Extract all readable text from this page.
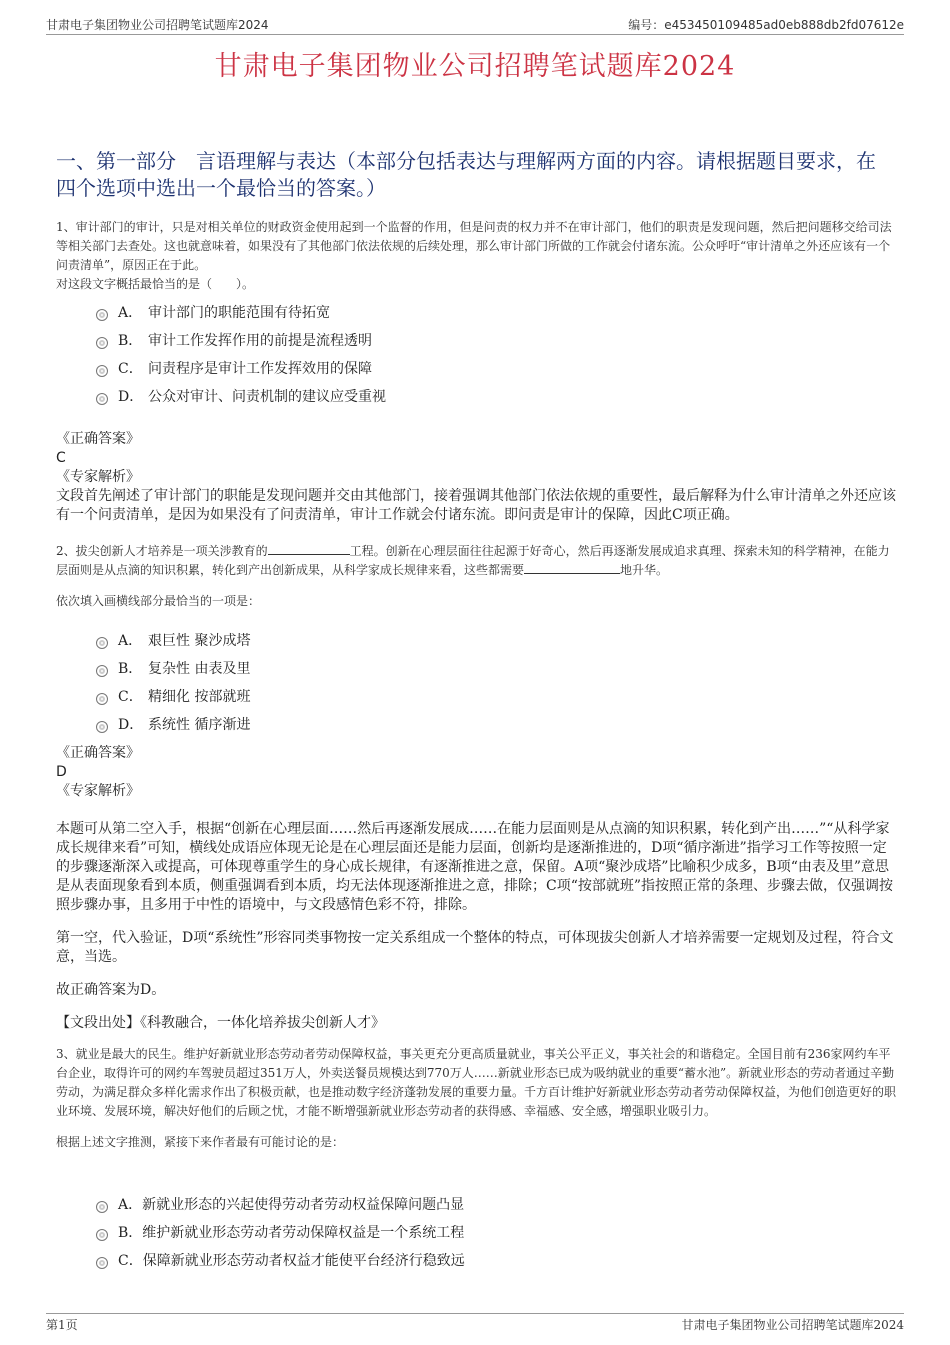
甘肃电子集团物业公司招聘笔试题库2024	编号：e453450109485ad0eb888db2fd07612e
甘肃电子集团物业公司招聘笔试题库2024
一、第一部分　言语理解与表达（本部分包括表达与理解两方面的内容。请根据题目要求，在四个选项中选出一个最恰当的答案。）

1、审计部门的审计，只是对相关单位的财政资金使用起到一个监督的作用，但是问责的权力并不在审计部门，他们的职责是发现问题，然后把问题移交给司法等相关部门去查处。这也就意味着，如果没有了其他部门依法依规的后续处理，那么审计部门所做的工作就会付诸东流。公众呼吁“审计清单之外还应该有一个问责清单”，原因正在于此。

对这段文字概括最恰当的是（　　）。

A． 审计部门的职能范围有待拓宽
B． 审计工作发挥作用的前提是流程透明
C． 问责程序是审计工作发挥效用的保障
D． 公众对审计、问责机制的建议应受重视
《正确答案》
C
《专家解析》

文段首先阐述了审计部门的职能是发现问题并交由其他部门，接着强调其他部门依法依规的重要性，最后解释为什么审计清单之外还应该有一个问责清单，是因为如果没有了问责清单，审计工作就会付诸东流。即问责是审计的保障，因此C项正确。

2、拔尖创新人才培养是一项关涉教育的	工程。创新在心理层面往往起源于好奇心，然后再逐渐发展成追求真理、探索未知的科学精神，在能力层面则是从点滴的知识积累，转化到产出创新成果，从科学家成长规律来看，这些都需要	地升华。

依次填入画横线部分最恰当的一项是：

A． 艰巨性 聚沙成塔
B． 复杂性 由表及里
C． 精细化 按部就班
D． 系统性 循序渐进
《正确答案》
D
《专家解析》

本题可从第二空入手，根据“创新在心理层面……然后再逐渐发展成……在能力层面则是从点滴的知识积累，转化到产出……”“从科学家成长规律来看”可知，横线处成语应体现无论是在心理层面还是能力层面，创新均是逐渐推进的，D项“循序渐进”指学习工作等按照一定的步骤逐渐深入或提高，可体现尊重学生的身心成长规律，有逐渐推进之意，保留。A项“聚沙成塔”比喻积少成多，B项“由表及里”意思是从表面现象看到本质，侧重强调看到本质，均无法体现逐渐推进之意，排除；C项“按部就班”指按照正常的条理、步骤去做，仅强调按照步骤办事，且多用于中性的语境中，与文段感情色彩不符，排除。

第一空，代入验证，D项“系统性”形容同类事物按一定关系组成一个整体的特点，可体现拔尖创新人才培养需要一定规划及过程，符合文意，当选。

故正确答案为D。

【文段出处】《科教融合，一体化培养拔尖创新人才》

3、就业是最大的民生。维护好新就业形态劳动者劳动保障权益，事关更充分更高质量就业，事关公平正义，事关社会的和谐稳定。全国目前有236家网约车平台企业，取得许可的网约车驾驶员超过351万人，外卖送餐员规模达到770万人……新就业形态已成为吸纳就业的重要“蓄水池”。新就业形态的劳动者通过辛勤劳动，为满足群众多样化需求作出了积极贡献，也是推动数字经济蓬勃发展的重要力量。千方百计维护好新就业形态劳动者劳动保障权益，为他们创造更好的职业环境、发展环境，解决好他们的后顾之忧，才能不断增强新就业形态劳动者的获得感、幸福感、安全感，增强职业吸引力。

根据上述文字推测，紧接下来作者最有可能讨论的是：

A． 新就业形态的兴起使得劳动者劳动权益保障问题凸显
B． 维护新就业形态劳动者劳动保障权益是一个系统工程
C． 保障新就业形态劳动者权益才能使平台经济行稳致远
第1页	甘肃电子集团物业公司招聘笔试题库2024
